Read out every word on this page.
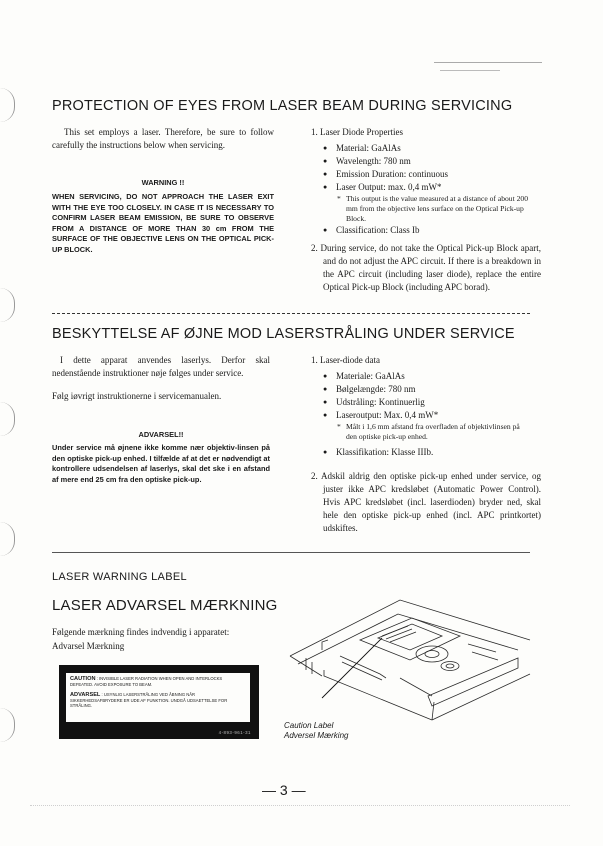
PROTECTION OF EYES FROM LASER BEAM DURING SERVICING
This set employs a laser. Therefore, be sure to follow carefully the instructions below when servicing.
WARNING !!
WHEN SERVICING, DO NOT APPROACH THE LASER EXIT WITH THE EYE TOO CLOSELY. IN CASE IT IS NECESSARY TO CONFIRM LASER BEAM EMISSION, BE SURE TO OBSERVE FROM A DISTANCE OF MORE THAN 30 cm FROM THE SURFACE OF THE OBJECTIVE LENS ON THE OPTICAL PICK-UP BLOCK.
1. Laser Diode Properties
● Material: GaAlAs
● Wavelength: 780 nm
● Emission Duration: continuous
● Laser Output: max. 0,4 mW*
* This output is the value measured at a distance of about 200 mm from the objective lens surface on the Optical Pick-up Block.
● Classification: Class Ib
2. During service, do not take the Optical Pick-up Block apart, and do not adjust the APC circuit. If there is a breakdown in the APC circuit (including laser diode), replace the entire Optical Pick-up Block (including APC borad).
BESKYTTELSE AF ØJNE MOD LASERSTRÅLING UNDER SERVICE
I dette apparat anvendes laserlys. Derfor skal nedenstående instruktioner nøje følges under service.
Følg iøvrigt instruktionerne i servicemanualen.
ADVARSEL!!
Under service må øjnene ikke komme nær objektiv-linsen på den optiske pick-up enhed. I tilfælde af at det er nødvendigt at kontrollere udsendelsen af laserlys, skal det ske i en afstand af mere end 25 cm fra den optiske pick-up.
1. Laser-diode data
● Materiale: GaAlAs
● Bølgelængde: 780 nm
● Udstråling: Kontinuerlig
● Laseroutput: Max. 0,4 mW*
* Målt i 1,6 mm afstand fra overfladen af objektivlinsen på den optiske pick-up enhed.
● Klassifikation: Klasse IIIb.
2. Adskil aldrig den optiske pick-up enhed under service, og juster ikke APC kredsløbet (Automatic Power Control). Hvis APC kredsløbet (incl. laserdioden) bryder ned, skal hele den optiske pick-up enhed (incl. APC printkortet) udskiftes.
LASER WARNING LABEL
LASER ADVARSEL MÆRKNING
Følgende mærkning findes indvendig i apparatet:
Advarsel Mærkning
CAUTION : INVISIBLE LASER RADIATION WHEN OPEN AND INTERLOCKS DEFEATED. AVOID EXPOSURE TO BEAM.
ADVARSEL : USYNLIG LASERSTRÅLING VED ÅBNING NÅR SIKKERHEDSAFBRYDERE ER UDE AF FUNKTION. UNDGÅ UDSAETTELSE FOR STRÅLING.
4-893-961-31
Caution Label
Adversel Mærking
— 3 —
